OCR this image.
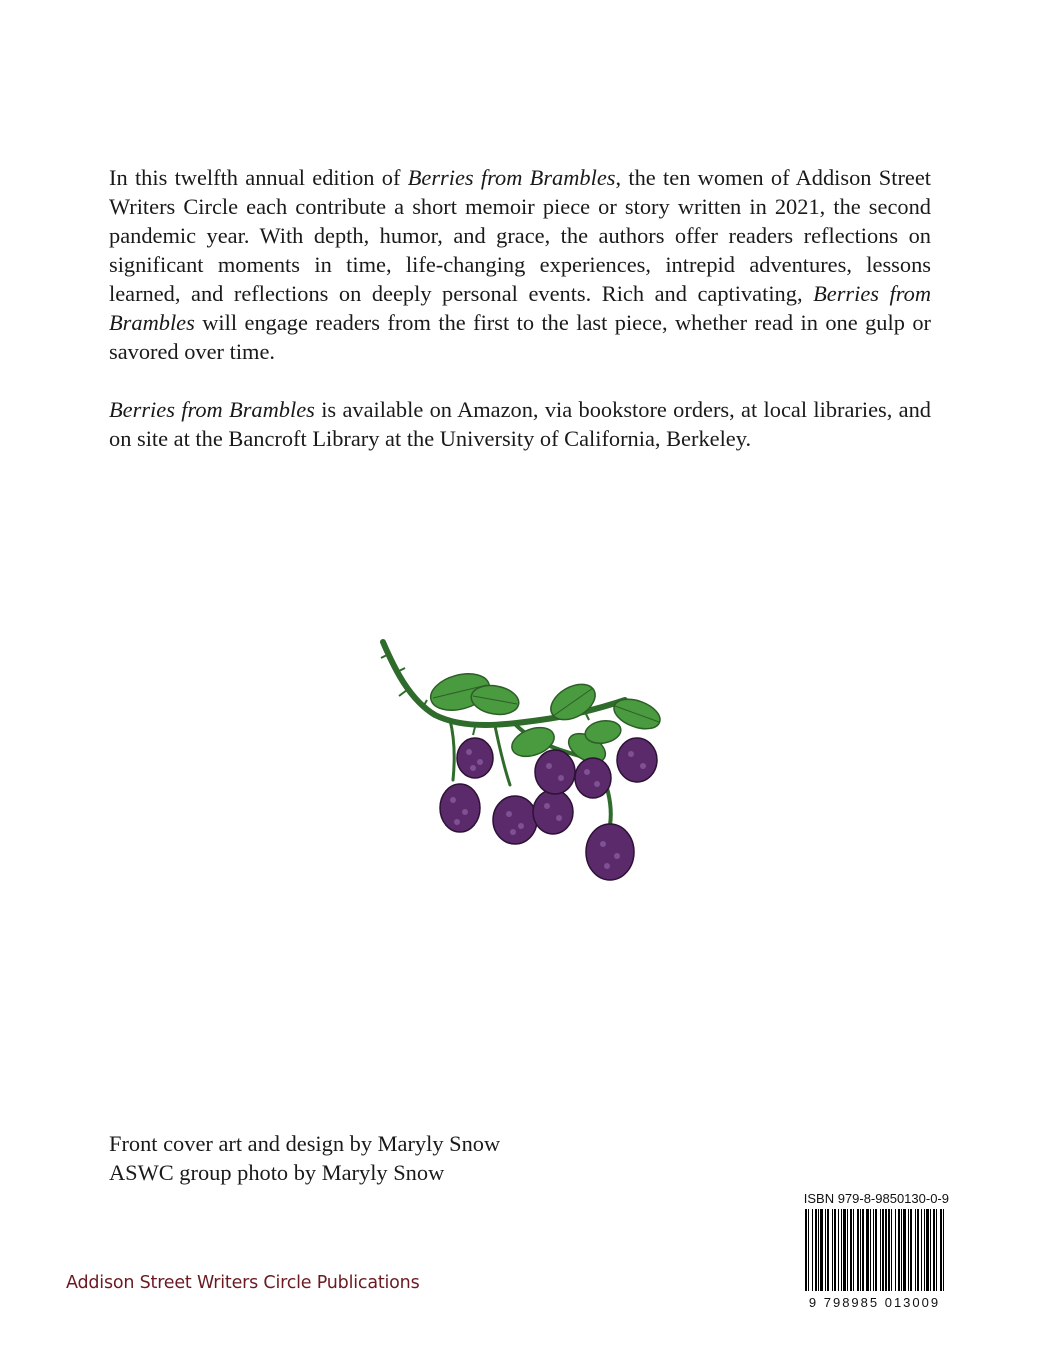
In this twelfth annual edition of Berries from Brambles, the ten women of Addison Street Writers Circle each contribute a short memoir piece or story written in 2021, the second pandemic year. With depth, humor, and grace, the authors offer readers reflections on significant moments in time, life-changing experiences, intrepid adventures, lessons learned, and reflections on deeply personal events. Rich and captivating, Berries from Brambles will engage readers from the first to the last piece, whether read in one gulp or savored over time.

Berries from Brambles is available on Amazon, via bookstore orders, at local libraries, and on site at the Bancroft Library at the University of California, Berkeley.

Front cover art and design by Maryly Snow
ASWC group photo by Maryly Snow
Addison Street Writers Circle Publications
ISBN 979-8-9850130-0-9
9 798985 013009
